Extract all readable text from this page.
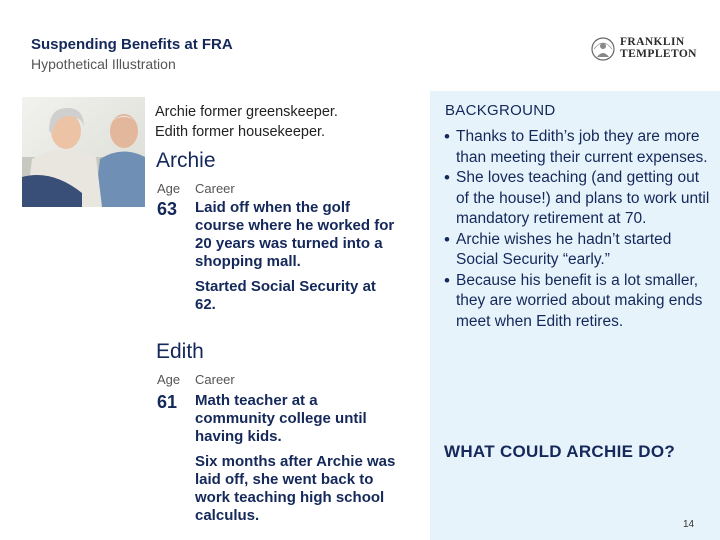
Suspending Benefits at FRA
Hypothetical Illustration
FRANKLIN
TEMPLETON
Archie former greenskeeper.
Edith former housekeeper.
Archie
Age Career
63 Laid off when the golf course where he worked for 20 years was turned into a shopping mall.

Started Social Security at 62.

Edith
Age Career
61 Math teacher at a community college until having kids.

Six months after Archie was laid off, she went back to work teaching high school calculus.

BACKGROUND
• Thanks to Edith’s job they are more than meeting their current expenses.
• She loves teaching (and getting out of the house!) and plans to work until mandatory retirement at 70.
• Archie wishes he hadn’t started Social Security “early.”
• Because his benefit is a lot smaller, they are worried about making ends meet when Edith retires.
WHAT COULD ARCHIE DO?
14
